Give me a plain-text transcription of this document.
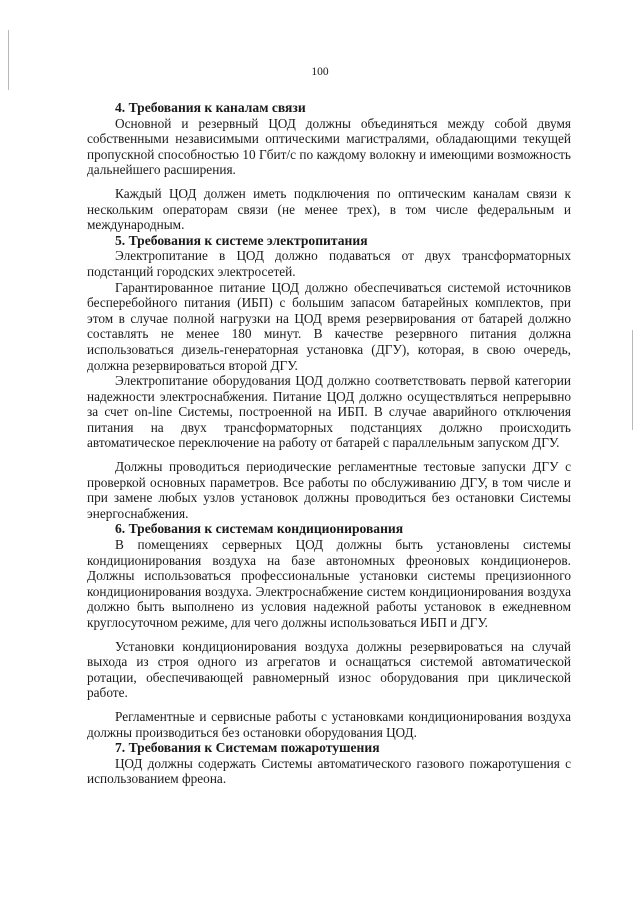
100
4. Требования к каналам связи

Основной и резервный ЦОД должны объединяться между собой двумя собственными независимыми оптическими магистралями, обладающими текущей пропускной способностью 10 Гбит/с по каждому волокну и имеющими возможность дальнейшего расширения.

Каждый ЦОД должен иметь подключения по оптическим каналам связи к нескольким операторам связи (не менее трех), в том числе федеральным и международным.

5. Требования к системе электропитания

Электропитание в ЦОД должно подаваться от двух трансформаторных подстанций городских электросетей.

Гарантированное питание ЦОД должно обеспечиваться системой источников бесперебойного питания (ИБП) с большим запасом батарейных комплектов, при этом в случае полной нагрузки на ЦОД время резервирования от батарей должно составлять не менее 180 минут. В качестве резервного питания должна использоваться дизель-генераторная установка (ДГУ), которая, в свою очередь, должна резервироваться второй ДГУ.

Электропитание оборудования ЦОД должно соответствовать первой категории надежности электроснабжения. Питание ЦОД должно осуществляться непрерывно за счет on-line Системы, построенной на ИБП. В случае аварийного отключения питания на двух трансформаторных подстанциях должно происходить автоматическое переключение на работу от батарей с параллельным запуском ДГУ.

Должны проводиться периодические регламентные тестовые запуски ДГУ с проверкой основных параметров. Все работы по обслуживанию ДГУ, в том числе и при замене любых узлов установок должны проводиться без остановки Системы энергоснабжения.

6. Требования к системам кондиционирования

В помещениях серверных ЦОД должны быть установлены системы кондиционирования воздуха на базе автономных фреоновых кондиционеров. Должны использоваться профессиональные установки системы прецизионного кондиционирования воздуха. Электроснабжение систем кондиционирования воздуха должно быть выполнено из условия надежной работы установок в ежедневном круглосуточном режиме, для чего должны использоваться ИБП и ДГУ.

Установки кондиционирования воздуха должны резервироваться на случай выхода из строя одного из агрегатов и оснащаться системой автоматической ротации, обеспечивающей равномерный износ оборудования при циклической работе.

Регламентные и сервисные работы с установками кондиционирования воздуха должны производиться без остановки оборудования ЦОД.

7. Требования к Системам пожаротушения

ЦОД должны содержать Системы автоматического газового пожаротушения с использованием фреона.
